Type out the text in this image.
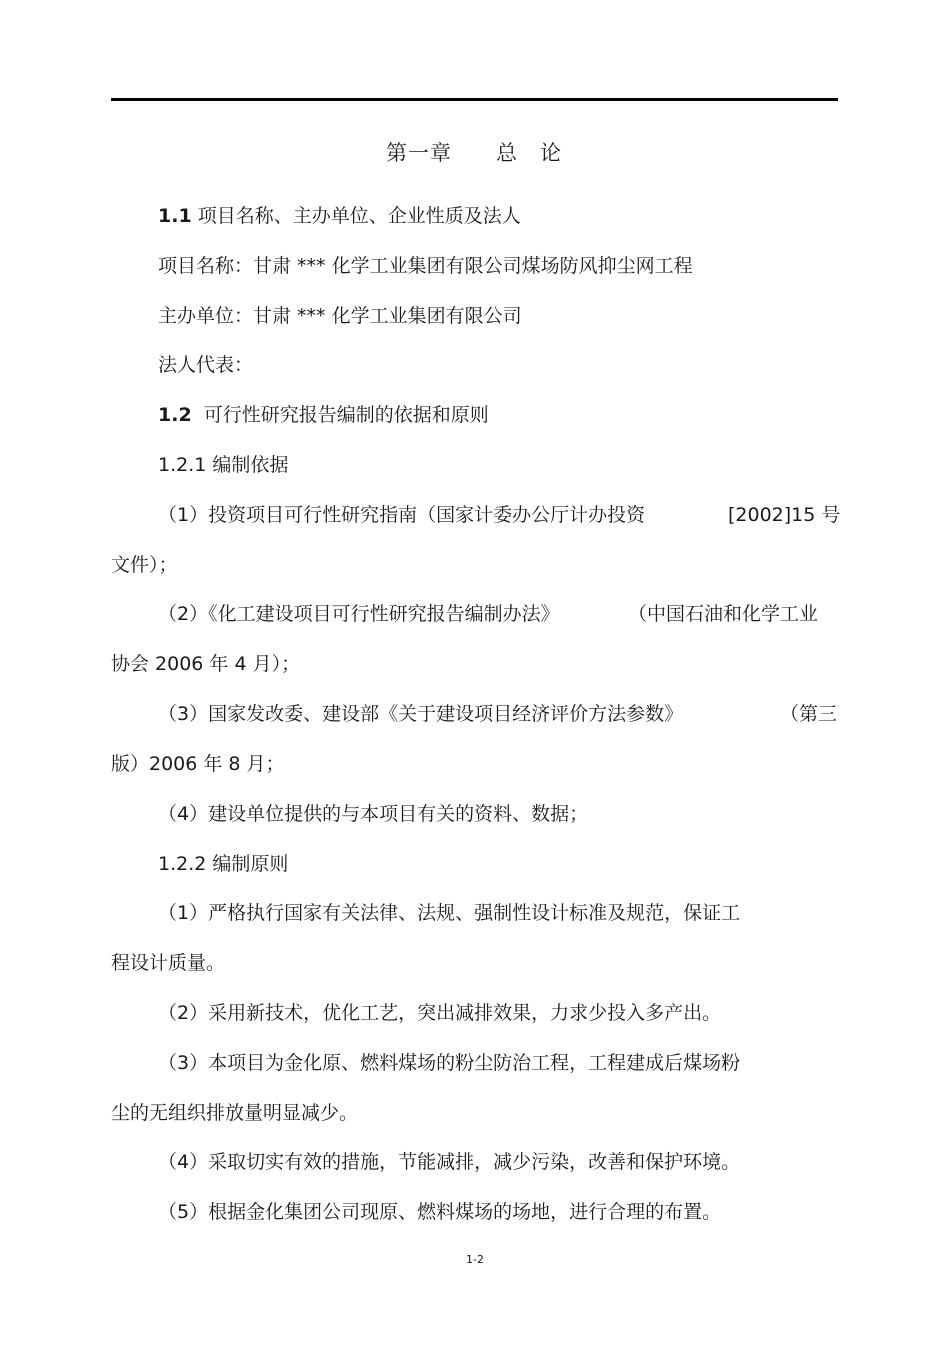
第一章　　总　论
1.1 项目名称、主办单位、企业性质及法人
项目名称：甘肃 *** 化学工业集团有限公司煤场防风抑尘网工程
主办单位：甘肃 *** 化学工业集团有限公司
法人代表：
1.2  可行性研究报告编制的依据和原则
1.2.1 编制依据
（1）投资项目可行性研究指南（国家计委办公厅计办投资	[2002]15 号
文件）；
（2）《化工建设项目可行性研究报告编制办法》	（中国石油和化学工业
协会 2006 年 4 月）；
（3）国家发改委、建设部《关于建设项目经济评价方法参数》	（第三
版）2006 年 8 月；
（4）建设单位提供的与本项目有关的资料、数据；
1.2.2 编制原则
（1）严格执行国家有关法律、法规、强制性设计标准及规范，保证工
程设计质量。
（2）采用新技术，优化工艺，突出减排效果，力求少投入多产出。
（3）本项目为金化原、燃料煤场的粉尘防治工程，工程建成后煤场粉
尘的无组织排放量明显减少。
（4）采取切实有效的措施，节能减排，减少污染，改善和保护环境。
（5）根据金化集团公司现原、燃料煤场的场地，进行合理的布置。
1-2
